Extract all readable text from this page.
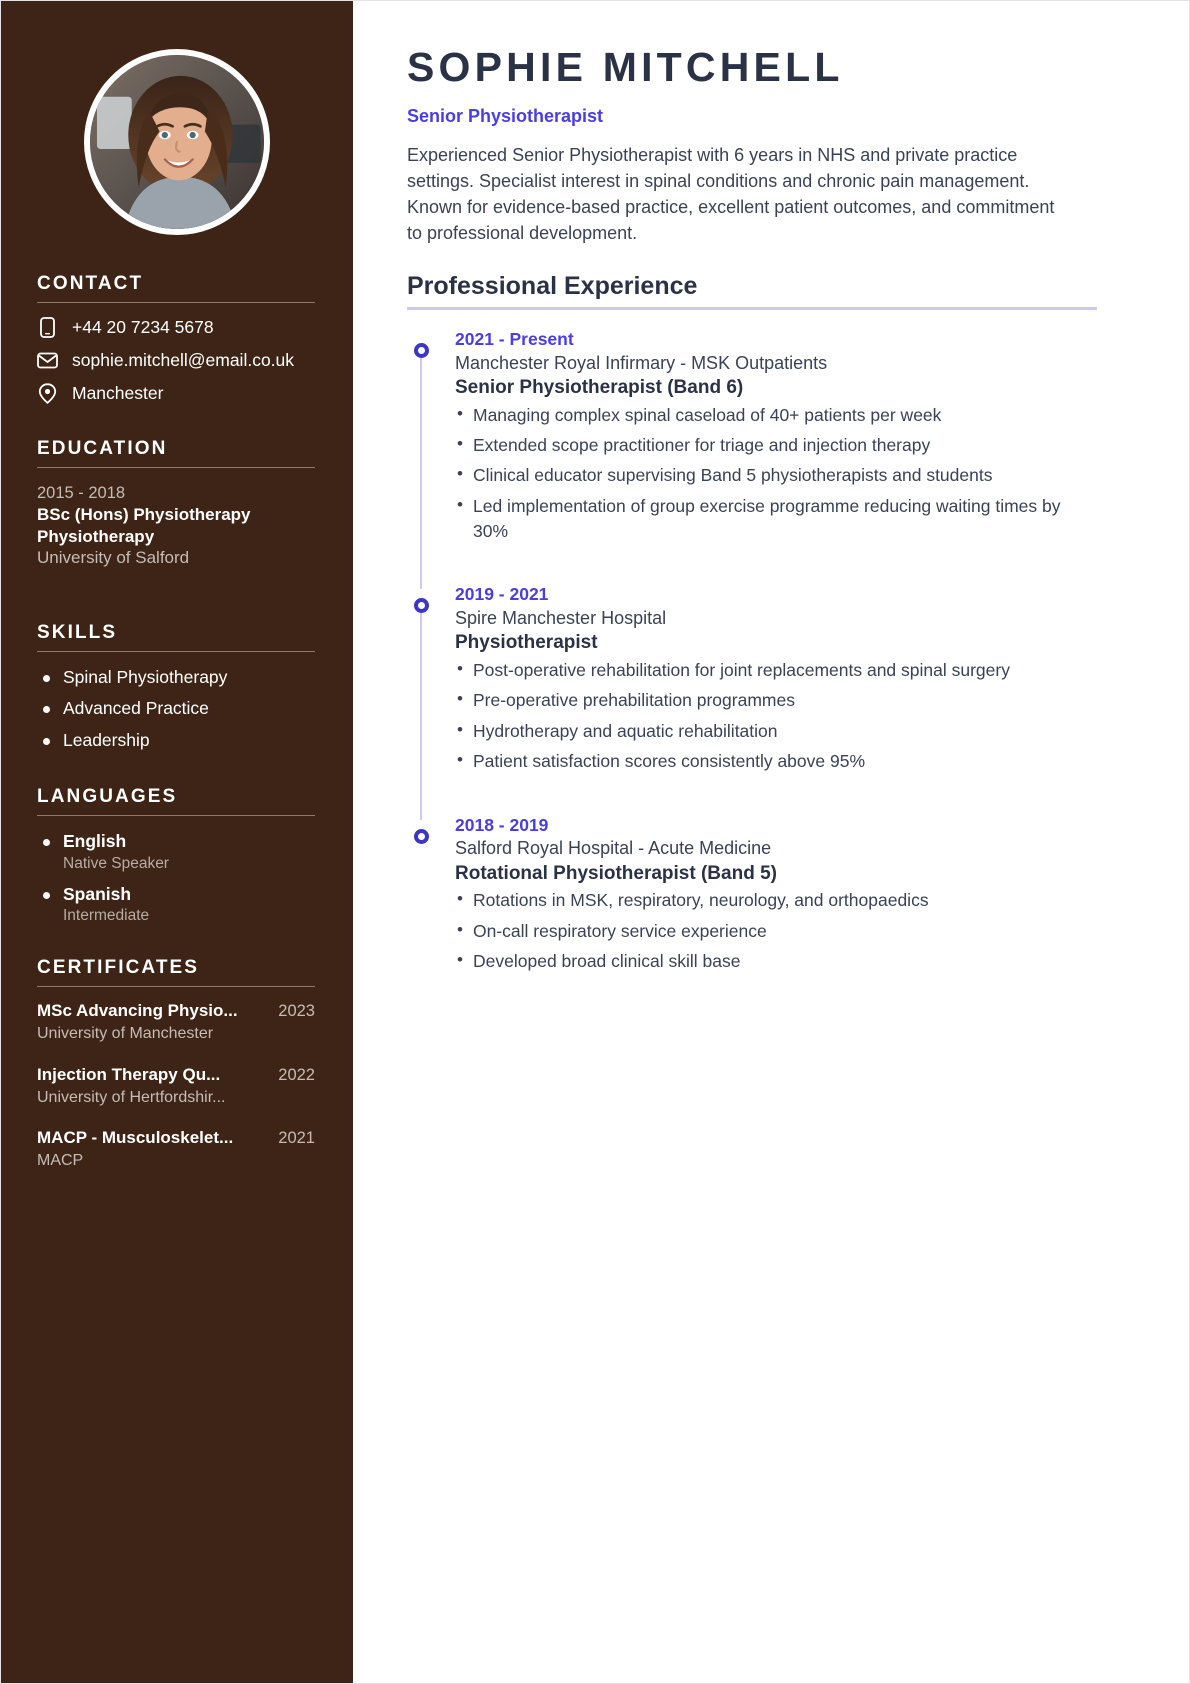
CONTACT
+44 20 7234 5678
sophie.mitchell@email.co.uk
Manchester
EDUCATION
2015 - 2018
BSc (Hons) Physiotherapy Physiotherapy
University of Salford
SKILLS
Spinal Physiotherapy
Advanced Practice
Leadership
LANGUAGES
English
Native Speaker
Spanish
Intermediate
CERTIFICATES
MSc Advancing Physio... 2023
University of Manchester
Injection Therapy Qu...	2022
University of Hertfordshir...
MACP - Musculoskelet...	2021
MACP
SOPHIE MITCHELL
Senior Physiotherapist

Experienced Senior Physiotherapist with 6 years in NHS and private practice settings. Specialist interest in spinal conditions and chronic pain management. Known for evidence-based practice, excellent patient outcomes, and commitment to professional development.

Professional Experience
2021 - Present
Manchester Royal Infirmary - MSK Outpatients
Senior Physiotherapist (Band 6)
• Managing complex spinal caseload of 40+ patients per week
• Extended scope practitioner for triage and injection therapy
• Clinical educator supervising Band 5 physiotherapists and students
• Led implementation of group exercise programme reducing waiting times by 30%
2019 - 2021
Spire Manchester Hospital
Physiotherapist
• Post-operative rehabilitation for joint replacements and spinal surgery
• Pre-operative prehabilitation programmes
• Hydrotherapy and aquatic rehabilitation
• Patient satisfaction scores consistently above 95%
2018 - 2019
Salford Royal Hospital - Acute Medicine
Rotational Physiotherapist (Band 5)
• Rotations in MSK, respiratory, neurology, and orthopaedics
• On-call respiratory service experience
• Developed broad clinical skill base
